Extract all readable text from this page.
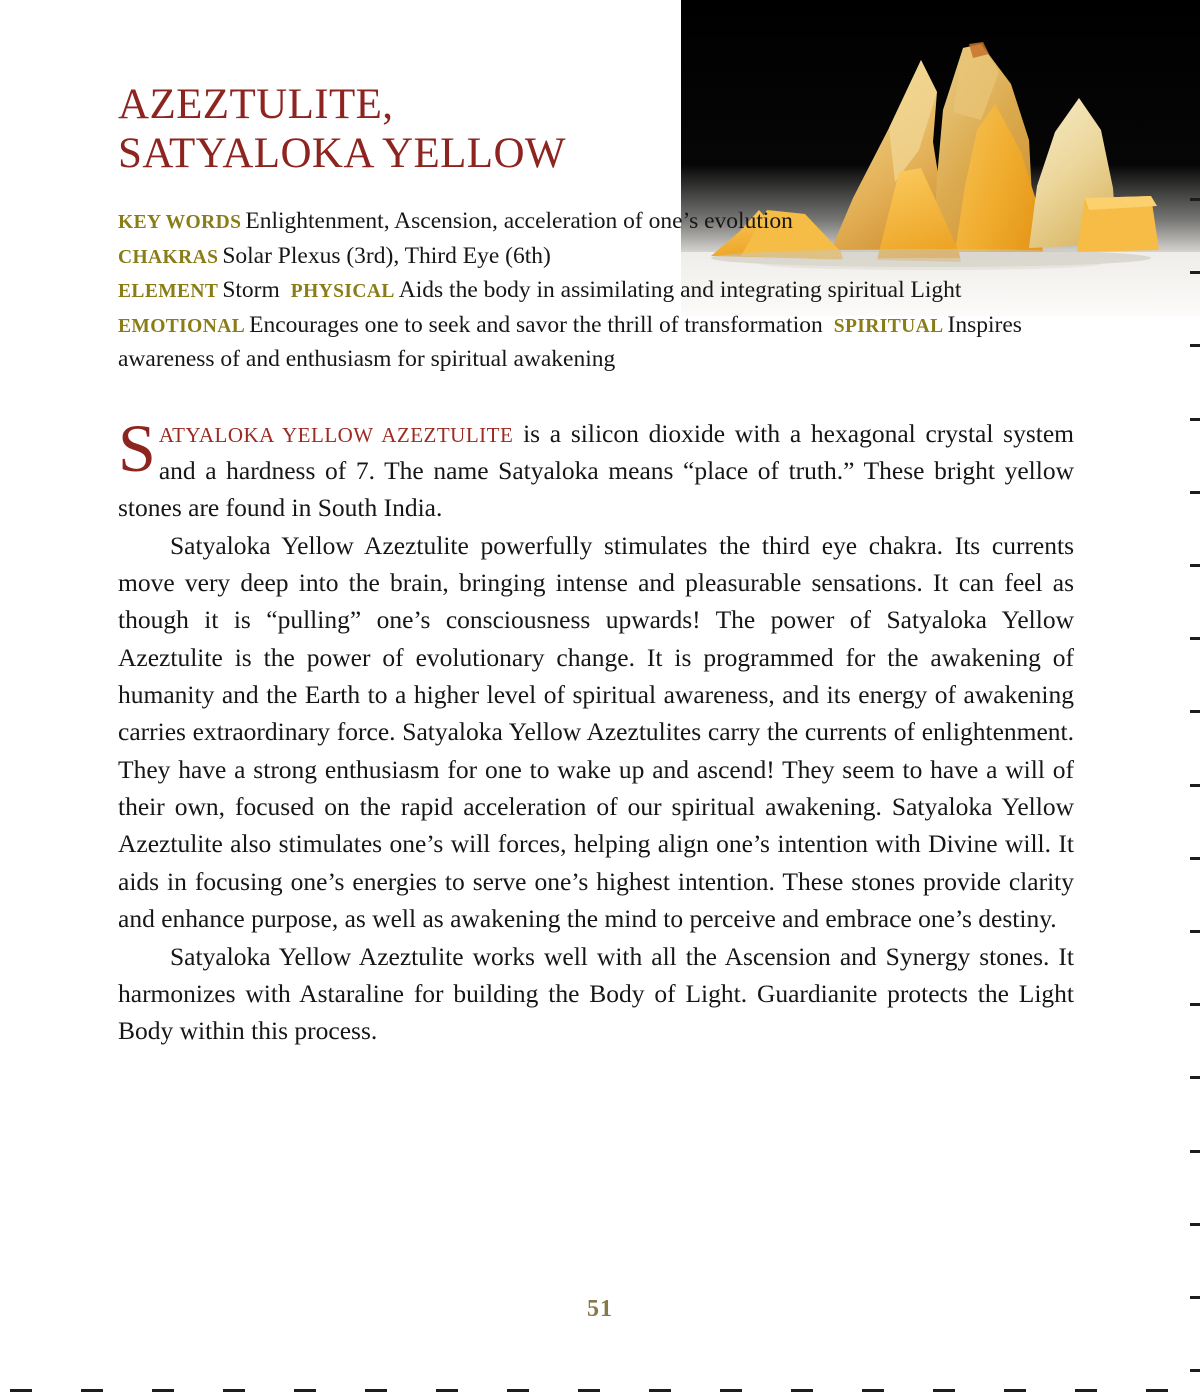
AZEZTULITE,
SATYALOKA YELLOW
KEY WORDS Enlightenment, Ascension, acceleration of one’s evolution
CHAKRAS Solar Plexus (3rd), Third Eye (6th)
ELEMENT Storm PHYSICAL Aids the body in assimilating and integrating spiritual LightEMOTIONAL Encourages one to seek and savor the thrill of transformation SPIRITUAL Inspires awareness of and enthusiasm for spiritual awakening

SATYALOKA YELLOW AZEZTULITE is a silicon dioxide with a hexagonal crystal system and a hardness of 7. The name Satyaloka means “place of truth.” These bright yellow stones are found in South India.

Satyaloka Yellow Azeztulite powerfully stimulates the third eye chakra. Its currents move very deep into the brain, bringing intense and pleasurable sensations. It can feel as though it is “pulling” one’s consciousness upwards! The power of Satyaloka Yellow Azeztulite is the power of evolutionary change. It is programmed for the awakening of humanity and the Earth to a higher level of spiritual awareness, and its energy of awakening carries extraordinary force. Satyaloka Yellow Azeztulites carry the currents of enlightenment. They have a strong enthusiasm for one to wake up and ascend! They seem to have a will of their own, focused on the rapid acceleration of our spiritual awakening. Satyaloka Yellow Azeztulite also stimulates one’s will forces, helping align one’s intention with Divine will. It aids in focusing one’s energies to serve one’s highest intention. These stones provide clarity and enhance purpose, as well as awakening the mind to perceive and embrace one’s destiny.

Satyaloka Yellow Azeztulite works well with all the Ascension and Synergy stones. It harmonizes with Astaraline for building the Body of Light. Guardianite protects the Light Body within this process.

51
